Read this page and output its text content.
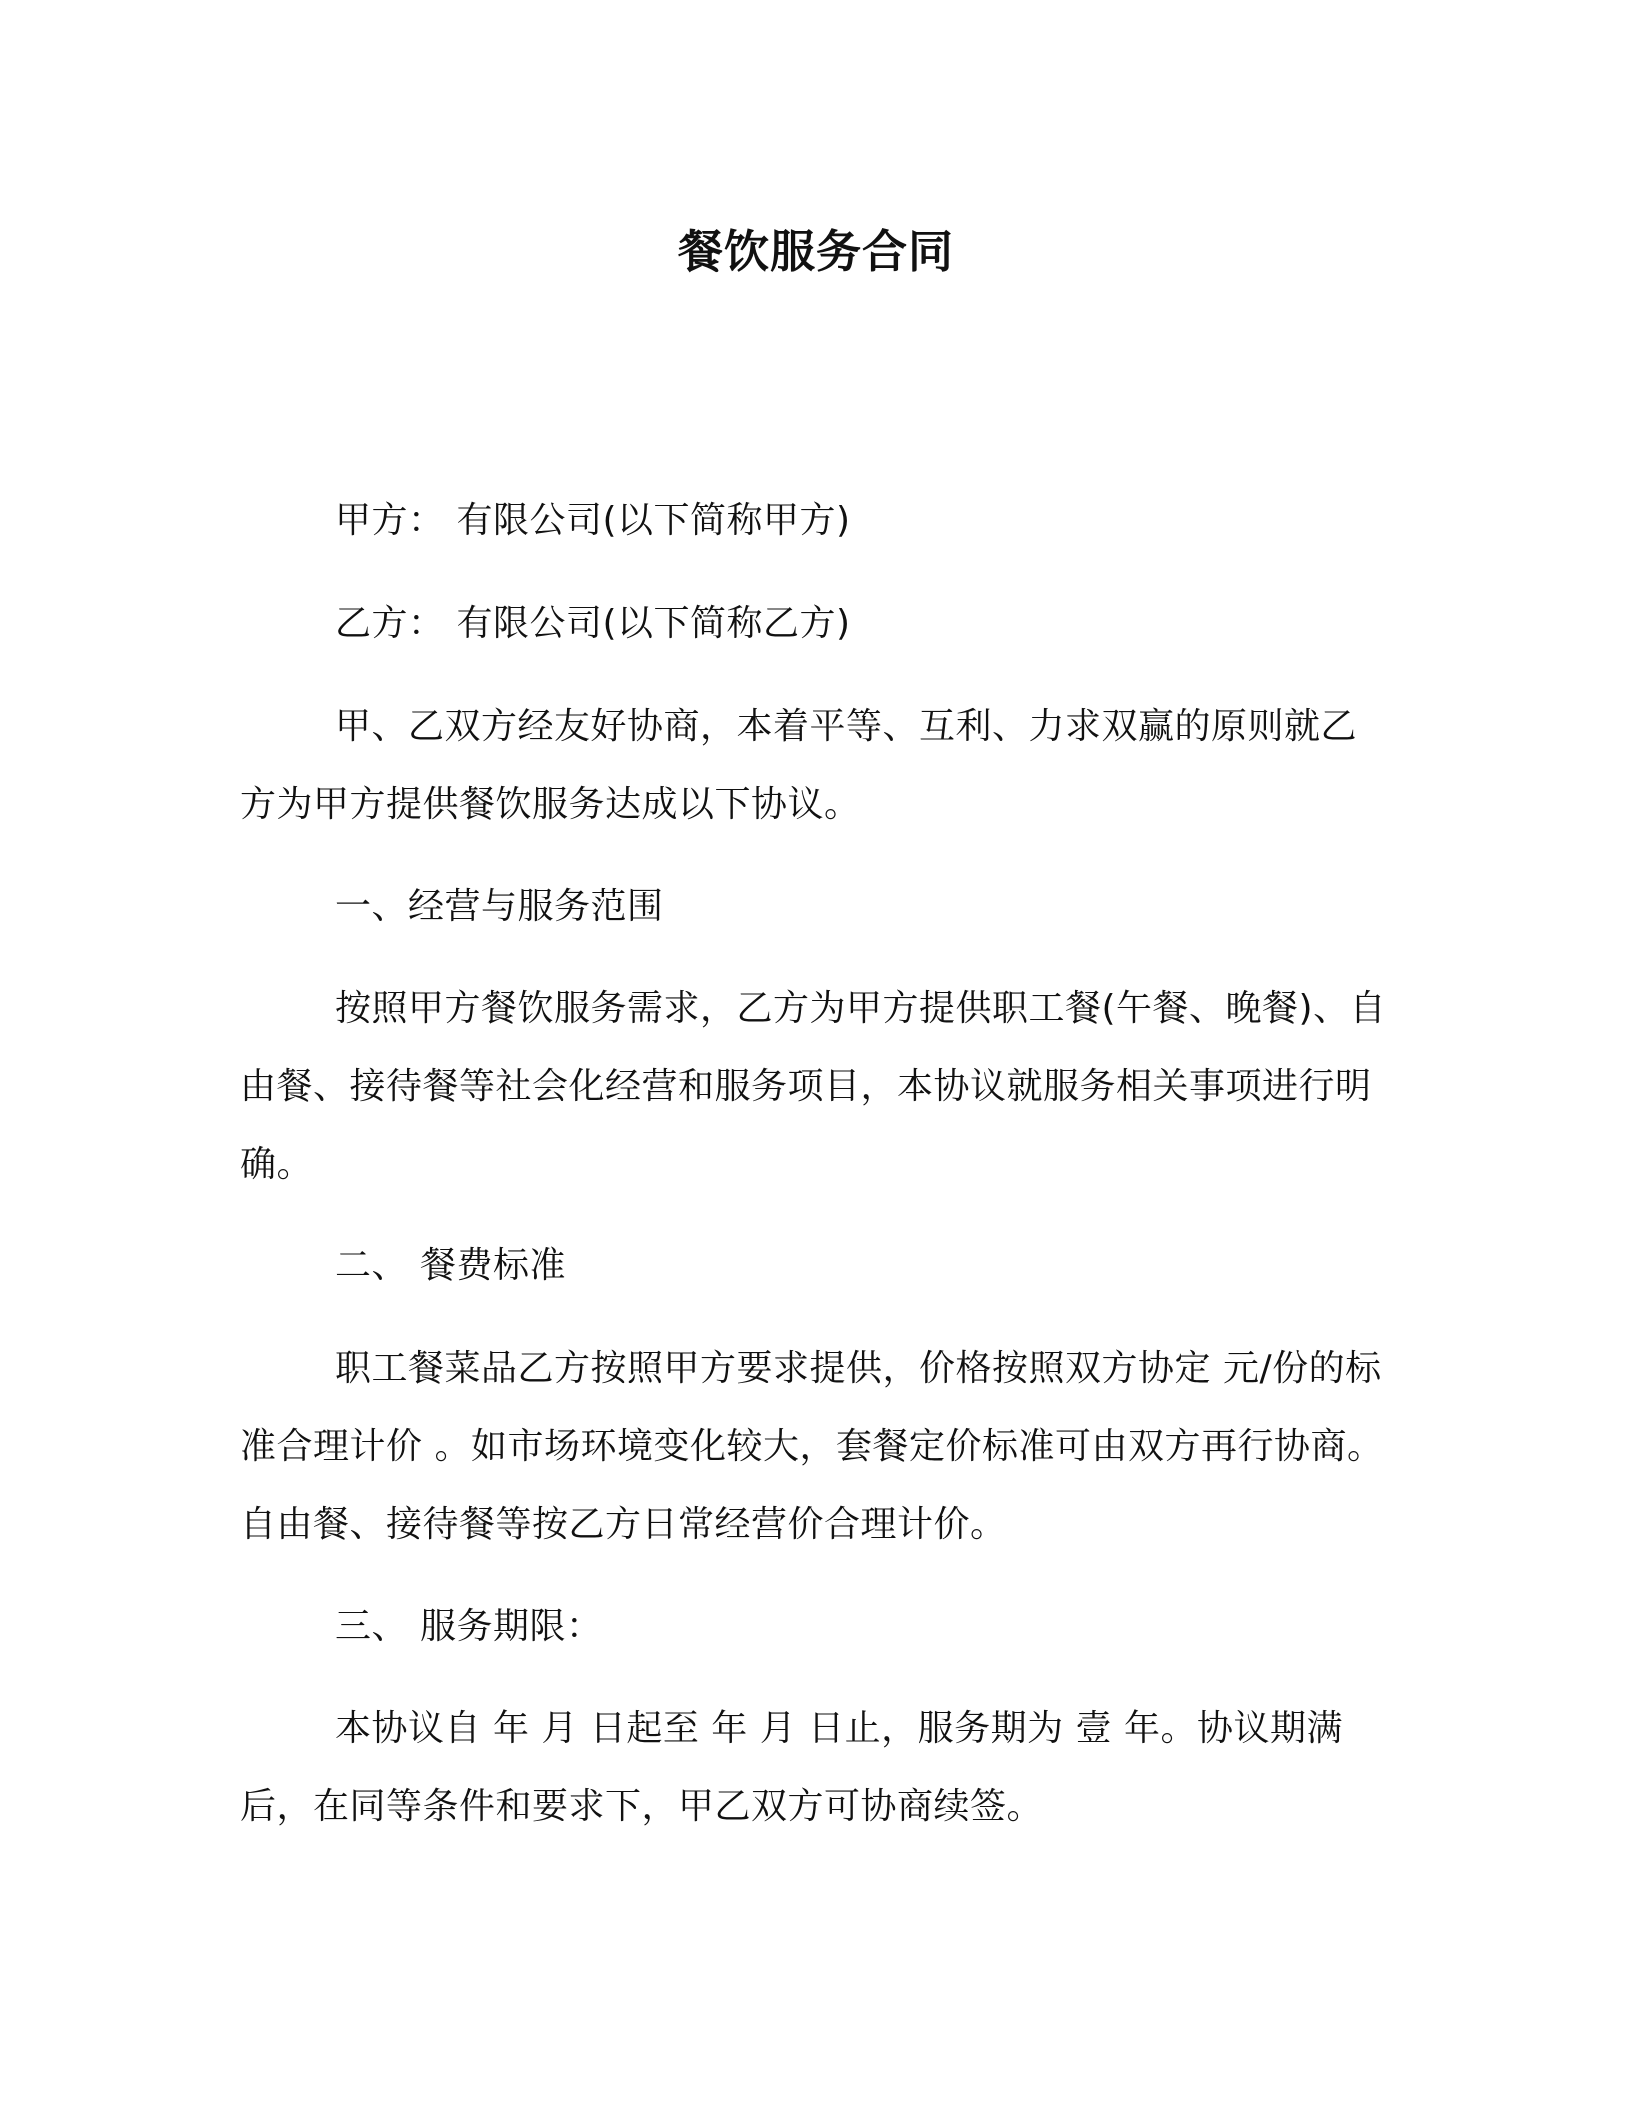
餐饮服务合同

甲方： 有限公司(以下简称甲方)

乙方： 有限公司(以下简称乙方)

甲、乙双方经友好协商，本着平等、互利、力求双赢的原则就乙方为甲方提供餐饮服务达成以下协议。

一、经营与服务范围

按照甲方餐饮服务需求，乙方为甲方提供职工餐(午餐、晚餐)、自由餐、接待餐等社会化经营和服务项目，本协议就服务相关事项进行明确。

二、 餐费标准

职工餐菜品乙方按照甲方要求提供，价格按照双方协定 元/份的标准合理计价 。如市场环境变化较大，套餐定价标准可由双方再行协商。自由餐、接待餐等按乙方日常经营价合理计价。

三、 服务期限：

本协议自 年 月 日起至 年 月 日止，服务期为 壹 年。协议期满后，在同等条件和要求下，甲乙双方可协商续签。
